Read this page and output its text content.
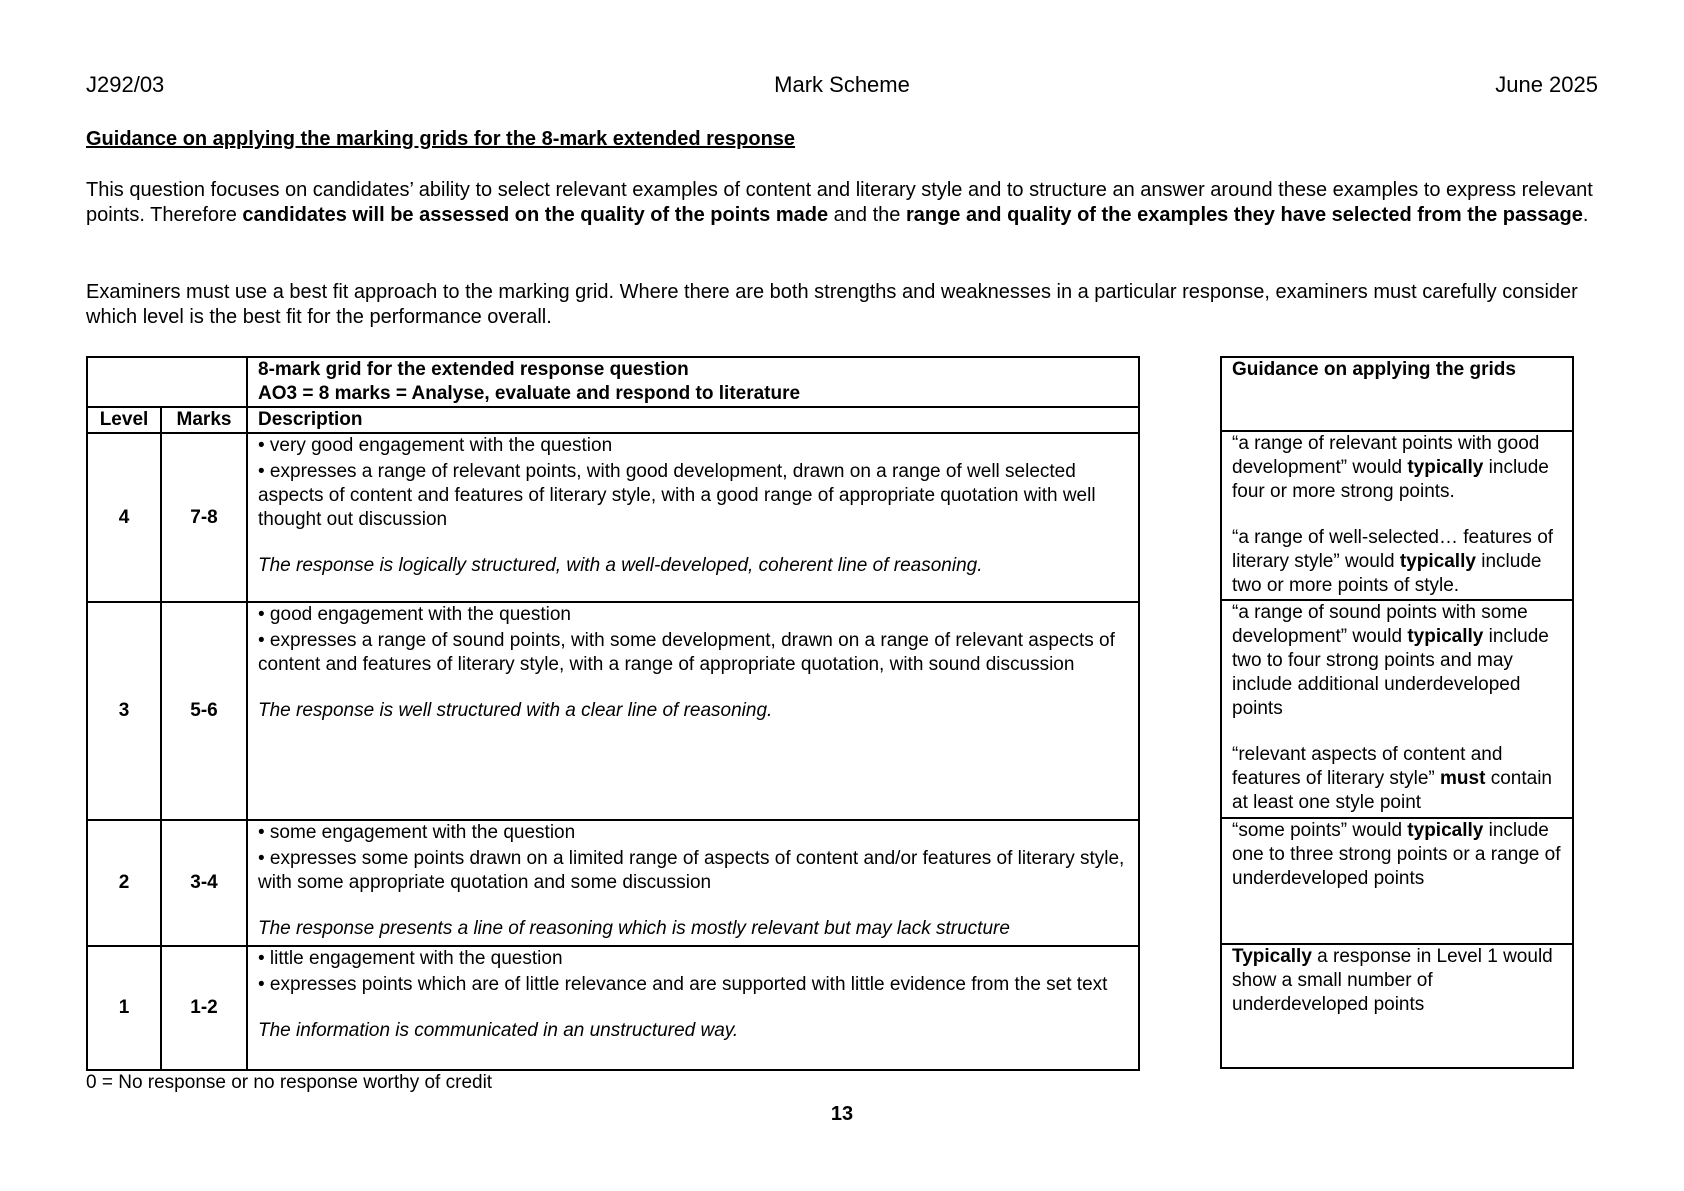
J292/03	Mark Scheme	June 2025
Guidance on applying the marking grids for the 8-mark extended response
This question focuses on candidates’ ability to select relevant examples of content and literary style and to structure an answer around these examples to express relevant points. Therefore candidates will be assessed on the quality of the points made and the range and quality of the examples they have selected from the passage.
Examiners must use a best fit approach to the marking grid. Where there are both strengths and weaknesses in a particular response, examiners must carefully consider which level is the best fit for the performance overall.

		8-mark grid for the extended response question
AO3 = 8 marks = Analyse, evaluate and respond to literature

Level	Marks	Description
4	7-8	• very good engagement with the question

• expresses a range of relevant points, with good development, drawn on a range of well selected aspects of content and features of literary style, with a good range of appropriate quotation with well thought out discussion

The response is logically structured, with a well-developed, coherent line of reasoning.

3	5-6	• good engagement with the question

• expresses a range of sound points, with some development, drawn on a range of relevant aspects of content and features of literary style, with a range of appropriate quotation, with sound discussion

The response is well structured with a clear line of reasoning.

2	3-4	• some engagement with the question

• expresses some points drawn on a limited range of aspects of content and/or features of literary style, with some appropriate quotation and some discussion

The response presents a line of reasoning which is mostly relevant but may lack structure

1	1-2	• little engagement with the question

• expresses points which are of little relevance and are supported with little evidence from the set text

The information is communicated in an unstructured way.
Guidance on applying the grids

“a range of relevant points with good development” would typically include four or more strong points.

“a range of well-selected… features of literary style” would typically include two or more points of style.

“a range of sound points with some development” would typically include two to four strong points and may include additional underdeveloped points

“relevant aspects of content and features of literary style” must contain at least one style point

“some points” would typically include one to three strong points or a range of underdeveloped points

Typically a response in Level 1 would show a small number of underdeveloped points

0 = No response or no response worthy of credit
13
